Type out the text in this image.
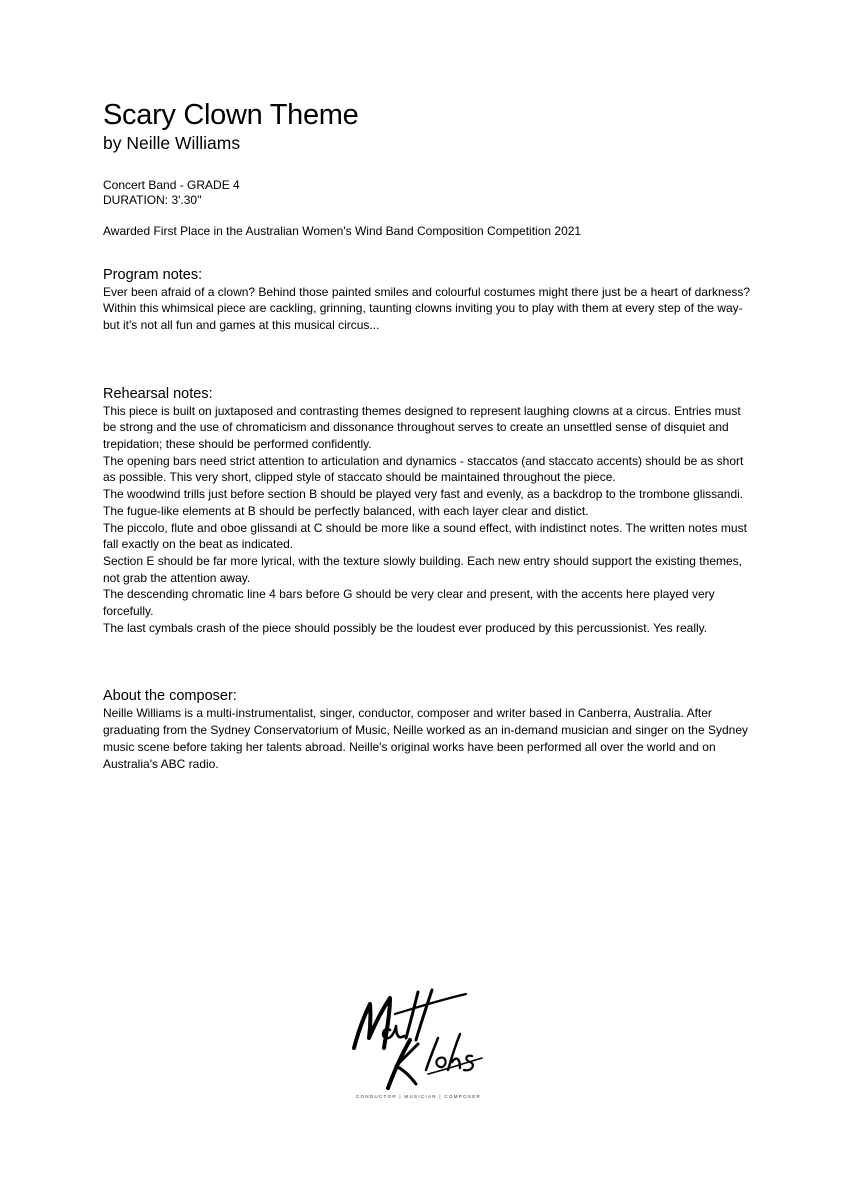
Scary Clown Theme

by Neille Williams

Concert Band - GRADE 4
DURATION: 3'.30''
Awarded First Place in the Australian Women's Wind Band Composition Competition 2021
Program notes:

Ever been afraid of a clown? Behind those painted smiles and colourful costumes might there just be a heart of darkness? Within this whimsical piece are cackling, grinning, taunting clowns inviting you to play with them at every step of the way- but it's not all fun and games at this musical circus...

Rehearsal notes:

This piece is built on juxtaposed and contrasting themes designed to represent laughing clowns at a circus. Entries must be strong and the use of chromaticism and dissonance throughout serves to create an unsettled sense of disquiet and trepidation; these should be performed confidently.

The opening bars need strict attention to articulation and dynamics - staccatos (and staccato accents) should be as short as possible. This very short, clipped style of staccato should be maintained throughout the piece.

The woodwind trills just before section B should be played very fast and evenly, as a backdrop to the trombone glissandi.

The fugue-like elements at B should be perfectly balanced, with each layer clear and distict.

The piccolo, flute and oboe glissandi at C should be more like a sound effect, with indistinct notes. The written notes must fall exactly on the beat as indicated.

Section E should be far more lyrical, with the texture slowly building. Each new entry should support the existing themes, not grab the attention away.

The descending chromatic line 4 bars before G should be very clear and present, with the accents here played very forcefully.

The last cymbals crash of the piece should possibly be the loudest ever produced by this percussionist. Yes really.

About the composer:

Neille Williams is a multi-instrumentalist, singer, conductor, composer and writer based in Canberra, Australia. After graduating from the Sydney Conservatorium of Music, Neille worked as an in-demand musician and singer on the Sydney music scene before taking her talents abroad. Neille's original works have been performed all over the world and on Australia's ABC radio.

CONDUCTOR | MUSICIAN | COMPOSER
